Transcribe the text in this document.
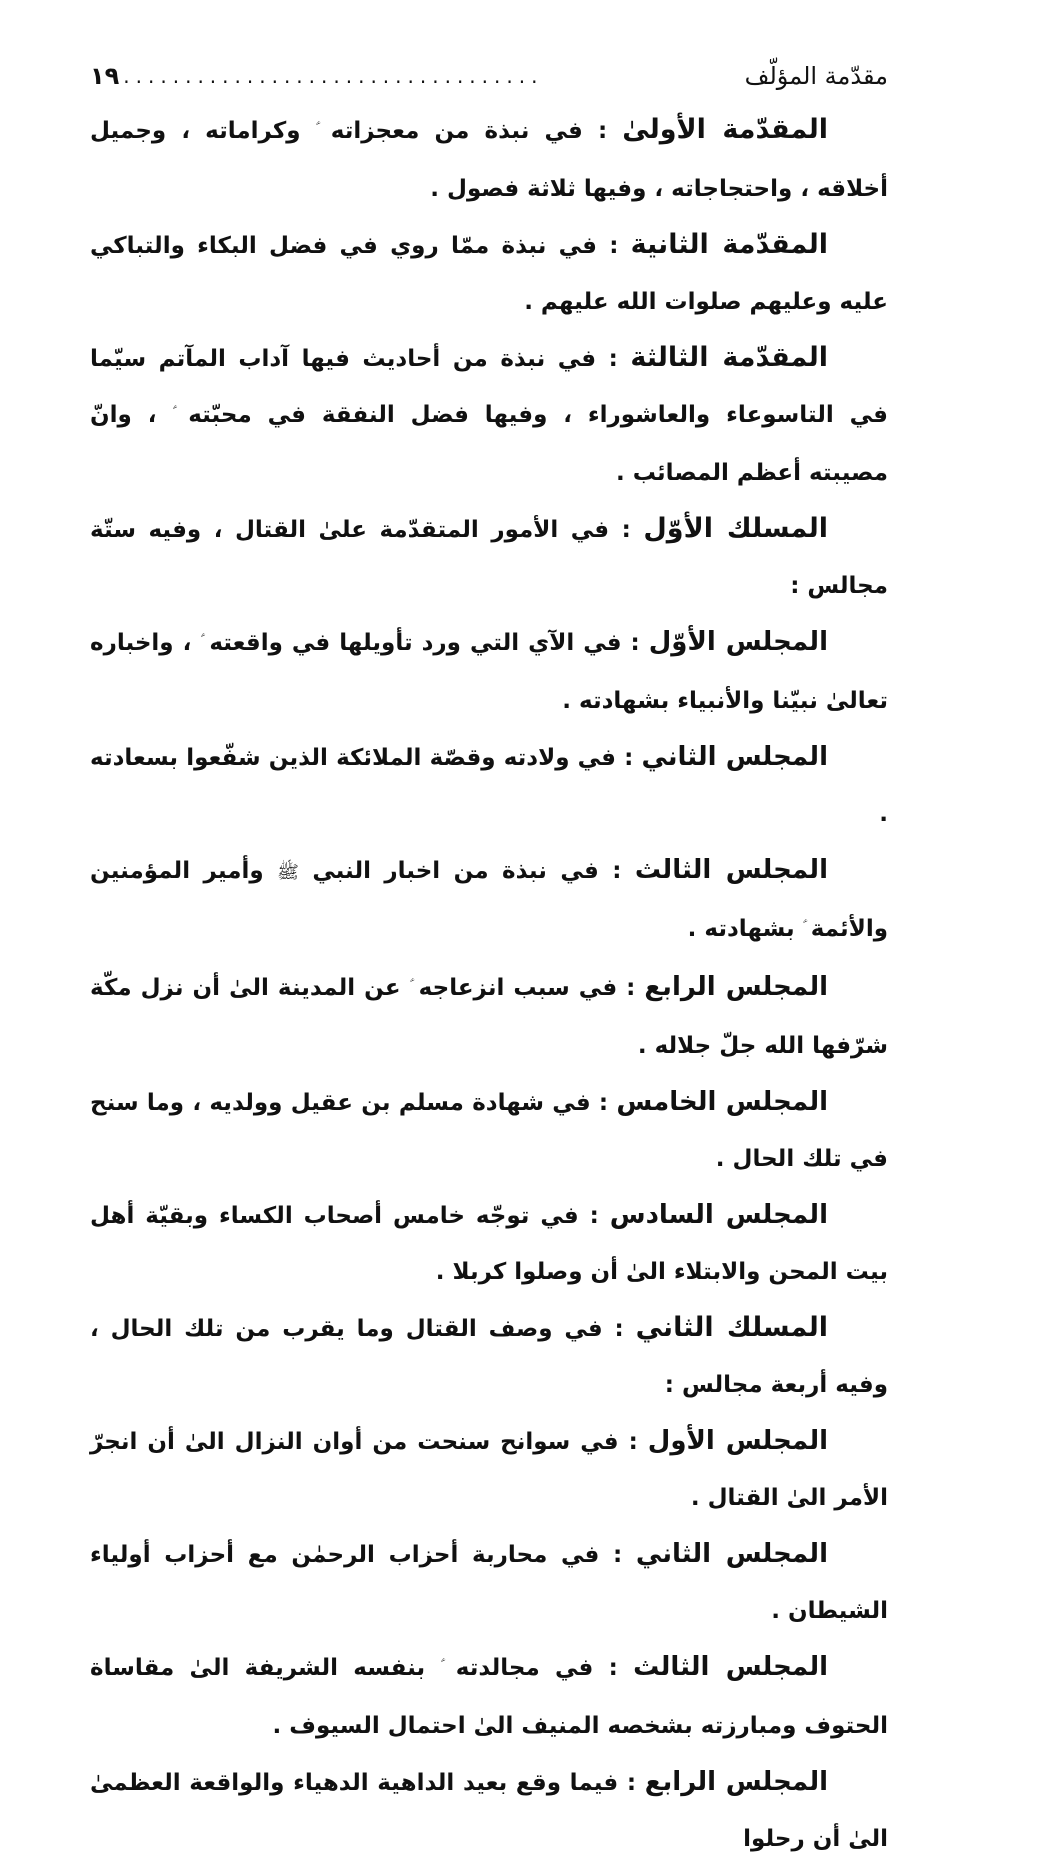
مقدّمة المؤلّف
..................................
١٩

المقدّمة الأولىٰ : في نبذة من معجزاته وكراماته ، وجميل أخلاقه ، واحتجاجاته ، وفيها ثلاثة فصول .

المقدّمة الثانية : في نبذة ممّا روي في فضل البكاء والتباكي عليه وعليهم صلوات الله عليهم .

المقدّمة الثالثة : في نبذة من أحاديث فيها آداب المآتم سيّما في التاسوعاء والعاشوراء ، وفيها فضل النفقة في محبّته ، وانّ مصيبته أعظم المصائب .

المسلك الأوّل : في الأمور المتقدّمة علىٰ القتال ، وفيه ستّة مجالس :

المجلس الأوّل : في الآي التي ورد تأويلها في واقعته ، واخباره تعالىٰ نبيّنا والأنبياء بشهادته .

المجلس الثاني : في ولادته وقصّة الملائكة الذين شفّعوا بسعادته .

المجلس الثالث : في نبذة من اخبار النبي ﷺ وأمير المؤمنين والأئمة بشهادته .

المجلس الرابع : في سبب انزعاجه عن المدينة الىٰ أن نزل مكّة شرّفها الله جلّ جلاله .

المجلس الخامس : في شهادة مسلم بن عقيل وولديه ، وما سنح في تلك الحال .

المجلس السادس : في توجّه خامس أصحاب الكساء وبقيّة أهل بيت المحن والابتلاء الىٰ أن وصلوا كربلا .

المسلك الثاني : في وصف القتال وما يقرب من تلك الحال ، وفيه أربعة مجالس :

المجلس الأول : في سوانح سنحت من أوان النزال الىٰ أن انجرّ الأمر الىٰ القتال .

المجلس الثاني : في محاربة أحزاب الرحمٰن مع أحزاب أولياء الشيطان .

المجلس الثالث : في مجالدته بنفسه الشريفة الىٰ مقاساة الحتوف ومبارزته بشخصه المنيف الىٰ احتمال السيوف .

المجلس الرابع : فيما وقع بعيد الداهية الدهياء والواقعة العظمىٰ الىٰ أن رحلوا
